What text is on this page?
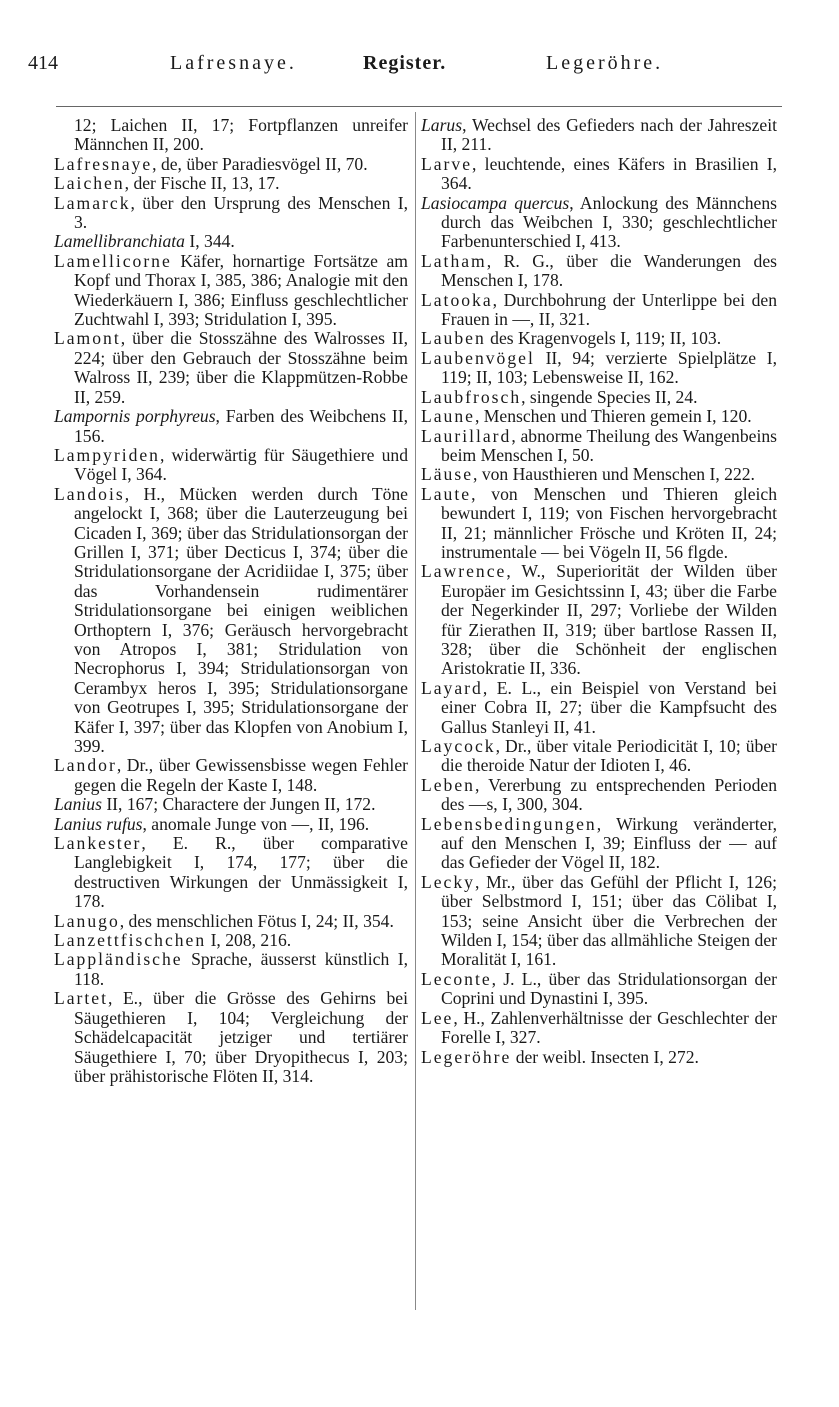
414	Lafresnaye.	Register.	Legeröhre.

12; Laichen II, 17; Fortpflanzen unreifer Männchen II, 200.

Lafresnaye, de, über Paradiesvögel II, 70.

Laichen, der Fische II, 13, 17.

Lamarck, über den Ursprung des Menschen I, 3.

Lamellibranchiata I, 344.

Lamellicorne Käfer, hornartige Fortsätze am Kopf und Thorax I, 385, 386; Analogie mit den Wiederkäuern I, 386; Einfluss geschlechtlicher Zuchtwahl I, 393; Stridulation I, 395.

Lamont, über die Stosszähne des Walrosses II, 224; über den Gebrauch der Stosszähne beim Walross II, 239; über die Klappmützen-Robbe II, 259.

Lampornis porphyreus, Farben des Weibchens II, 156.

Lampyriden, widerwärtig für Säugethiere und Vögel I, 364.

Landois, H., Mücken werden durch Töne angelockt I, 368; über die Lauterzeugung bei Cicaden I, 369; über das Stridulationsorgan der Grillen I, 371; über Decticus I, 374; über die Stridulationsorgane der Acridiidae I, 375; über das Vorhandensein rudimentärer Stridulationsorgane bei einigen weiblichen Orthoptern I, 376; Geräusch hervorgebracht von Atropos I, 381; Stridulation von Necrophorus I, 394; Stridulationsorgan von Cerambyx heros I, 395; Stridulationsorgane von Geotrupes I, 395; Stridulationsorgane der Käfer I, 397; über das Klopfen von Anobium I, 399.

Landor, Dr., über Gewissensbisse wegen Fehler gegen die Regeln der Kaste I, 148.

Lanius II, 167; Charactere der Jungen II, 172.

Lanius rufus, anomale Junge von —, II, 196.

Lankester, E. R., über comparative Langlebigkeit I, 174, 177; über die destructiven Wirkungen der Unmässigkeit I, 178.

Lanugo, des menschlichen Fötus I, 24; II, 354.

Lanzettfischchen I, 208, 216.

Lappländische Sprache, äusserst künstlich I, 118.

Lartet, E., über die Grösse des Gehirns bei Säugethieren I, 104; Vergleichung der Schädelcapacität jetziger und tertiärer Säugethiere I, 70; über Dryopithecus I, 203; über prähistorische Flöten II, 314.

Larus, Wechsel des Gefieders nach der Jahreszeit II, 211.

Larve, leuchtende, eines Käfers in Brasilien I, 364.

Lasiocampa quercus, Anlockung des Männchens durch das Weibchen I, 330; geschlechtlicher Farbenunterschied I, 413.

Latham, R. G., über die Wanderungen des Menschen I, 178.

Latooka, Durchbohrung der Unterlippe bei den Frauen in —, II, 321.

Lauben des Kragenvogels I, 119; II, 103.

Laubenvögel II, 94; verzierte Spielplätze I, 119; II, 103; Lebensweise II, 162.

Laubfrosch, singende Species II, 24.

Laune, Menschen und Thieren gemein I, 120.

Laurillard, abnorme Theilung des Wangenbeins beim Menschen I, 50.

Läuse, von Hausthieren und Menschen I, 222.

Laute, von Menschen und Thieren gleich bewundert I, 119; von Fischen hervorgebracht II, 21; männlicher Frösche und Kröten II, 24; instrumentale — bei Vögeln II, 56 flgde.

Lawrence, W., Superiorität der Wilden über Europäer im Gesichtssinn I, 43; über die Farbe der Negerkinder II, 297; Vorliebe der Wilden für Zierathen II, 319; über bartlose Rassen II, 328; über die Schönheit der englischen Aristokratie II, 336.

Layard, E. L., ein Beispiel von Verstand bei einer Cobra II, 27; über die Kampfsucht des Gallus Stanleyi II, 41.

Laycock, Dr., über vitale Periodicität I, 10; über die theroide Natur der Idioten I, 46.

Leben, Vererbung zu entsprechenden Perioden des —s, I, 300, 304.

Lebensbedingungen, Wirkung veränderter, auf den Menschen I, 39; Einfluss der — auf das Gefieder der Vögel II, 182.

Lecky, Mr., über das Gefühl der Pflicht I, 126; über Selbstmord I, 151; über das Cölibat I, 153; seine Ansicht über die Verbrechen der Wilden I, 154; über das allmähliche Steigen der Moralität I, 161.

Leconte, J. L., über das Stridulationsorgan der Coprini und Dynastini I, 395.

Lee, H., Zahlenverhältnisse der Geschlechter der Forelle I, 327.

Legeröhre der weibl. Insecten I, 272.
